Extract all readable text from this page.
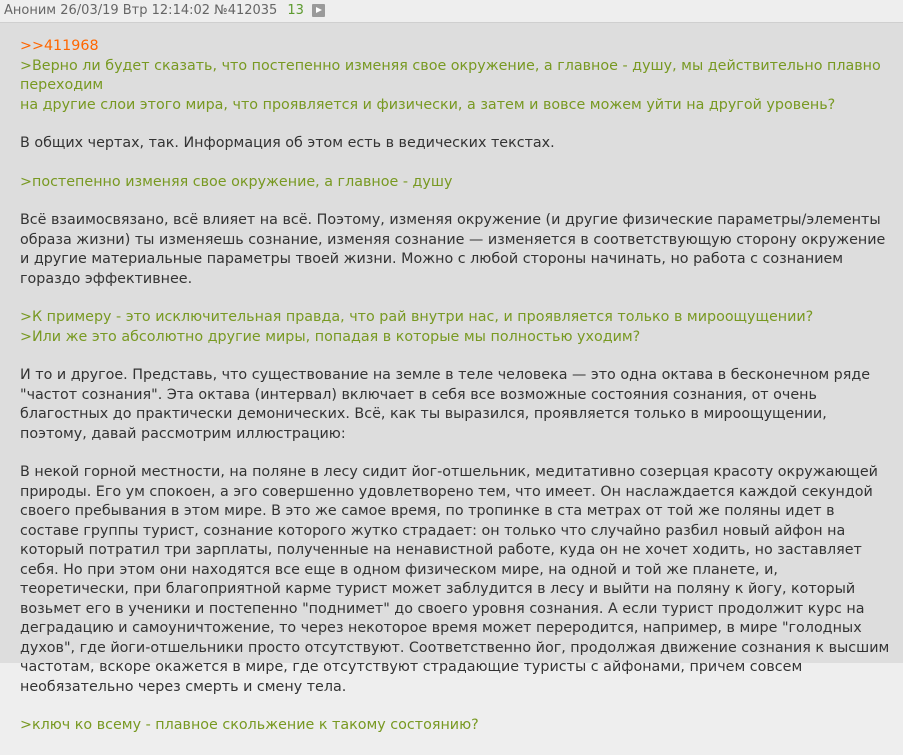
Аноним
26/03/19 Втр 12:14:02
№412035 13

>>411968
>Верно ли будет сказать, что постепенно изменяя свое окружение, а главное - душу, мы действительно плавно переходим
на другие слои этого мира, что проявляется и физически, а затем и вовсе можем уйти на другой уровень?

В общих чертах, так. Информация об этом есть в ведических текстах.

>постепенно изменяя свое окружение, а главное - душу

Всё взаимосвязано, всё влияет на всё. Поэтому, изменяя окружение (и другие физические параметры/элементы образа жизни) ты изменяешь сознание, изменяя сознание — изменяется в соответствующую сторону окружение и другие материальные параметры твоей жизни. Можно с любой стороны начинать, но работа с сознанием гораздо эффективнее.

>К примеру - это исключительная правда, что рай внутри нас, и проявляется только в мироощущении?
>Или же это абсолютно другие миры, попадая в которые мы полностью уходим?

И то и другое. Представь, что существование на земле в теле человека — это одна октава в бесконечном ряде "частот сознания". Эта октава (интервал) включает в себя все возможные состояния сознания, от очень благостных до практически демонических. Всё, как ты выразился, проявляется только в мироощущении, поэтому, давай рассмотрим иллюстрацию:

В некой горной местности, на поляне в лесу сидит йог-отшельник, медитативно созерцая красоту окружающей природы. Его ум спокоен, а эго совершенно удовлетворено тем, что имеет. Он наслаждается каждой секундой своего пребывания в этом мире. В это же самое время, по тропинке в ста метрах от той же поляны идет в составе группы турист, сознание которого жутко страдает: он только что случайно разбил новый айфон на который потратил три зарплаты, полученные на ненавистной работе, куда он не хочет ходить, но заставляет себя. Но при этом они находятся все еще в одном физическом мире, на одной и той же планете, и, теоретически, при благоприятной карме турист может заблудится в лесу и выйти на поляну к йогу, который возьмет его в ученики и постепенно "поднимет" до своего уровня сознания. А если турист продолжит курс на деградацию и самоуничтожение, то через некоторое время может переродится, например, в мире "голодных духов", где йоги-отшельники просто отсутствуют. Соответственно йог, продолжая движение сознания к высшим частотам, вскоре окажется в мире, где отсутствуют страдающие туристы с айфонами, причем совсем необязательно через смерть и смену тела.

>ключ ко всему - плавное скольжение к такому состоянию?
